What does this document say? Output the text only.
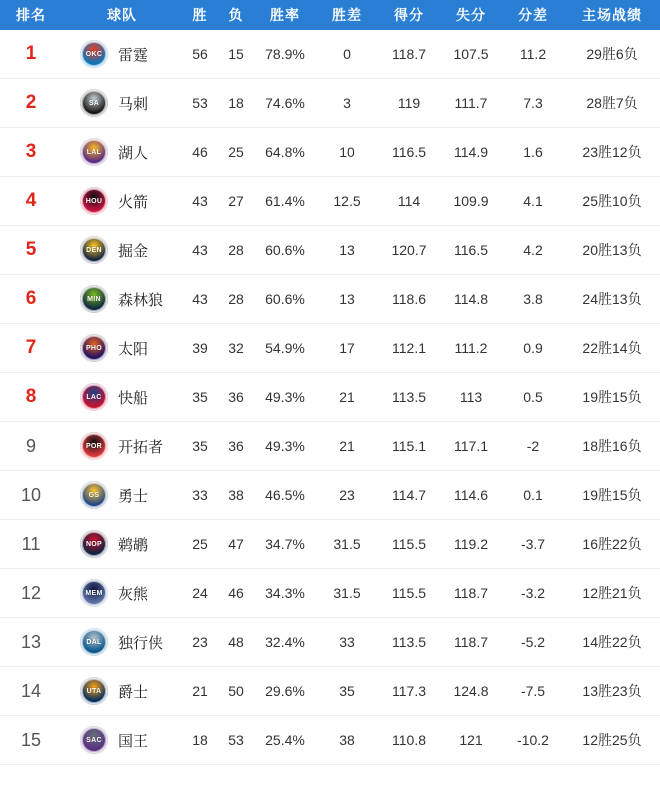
排名	球队	胜	负	胜率	胜差	得分	失分	分差	主场战绩
1	OKC 雷霆	56	15	78.9%	0	118.7	107.5	11.2	29胜6负
2	SA 马刺	53	18	74.6%	3	119	111.7	7.3	28胜7负
3	LAL 湖人	46	25	64.8%	10	116.5	114.9	1.6	23胜12负
4	HOU 火箭	43	27	61.4%	12.5	114	109.9	4.1	25胜10负
5	DEN 掘金	43	28	60.6%	13	120.7	116.5	4.2	20胜13负
6	MIN 森林狼	43	28	60.6%	13	118.6	114.8	3.8	24胜13负
7	PHO 太阳	39	32	54.9%	17	112.1	111.2	0.9	22胜14负
8	LAC 快船	35	36	49.3%	21	113.5	113	0.5	19胜15负
9	POR 开拓者	35	36	49.3%	21	115.1	117.1	-2	18胜16负
10	GS 勇士	33	38	46.5%	23	114.7	114.6	0.1	19胜15负
11	NOP 鹈鹕	25	47	34.7%	31.5	115.5	119.2	-3.7	16胜22负
12	MEM 灰熊	24	46	34.3%	31.5	115.5	118.7	-3.2	12胜21负
13	DAL 独行侠	23	48	32.4%	33	113.5	118.7	-5.2	14胜22负
14	UTA 爵士	21	50	29.6%	35	117.3	124.8	-7.5	13胜23负
15	SAC 国王	18	53	25.4%	38	110.8	121	-10.2	12胜25负
